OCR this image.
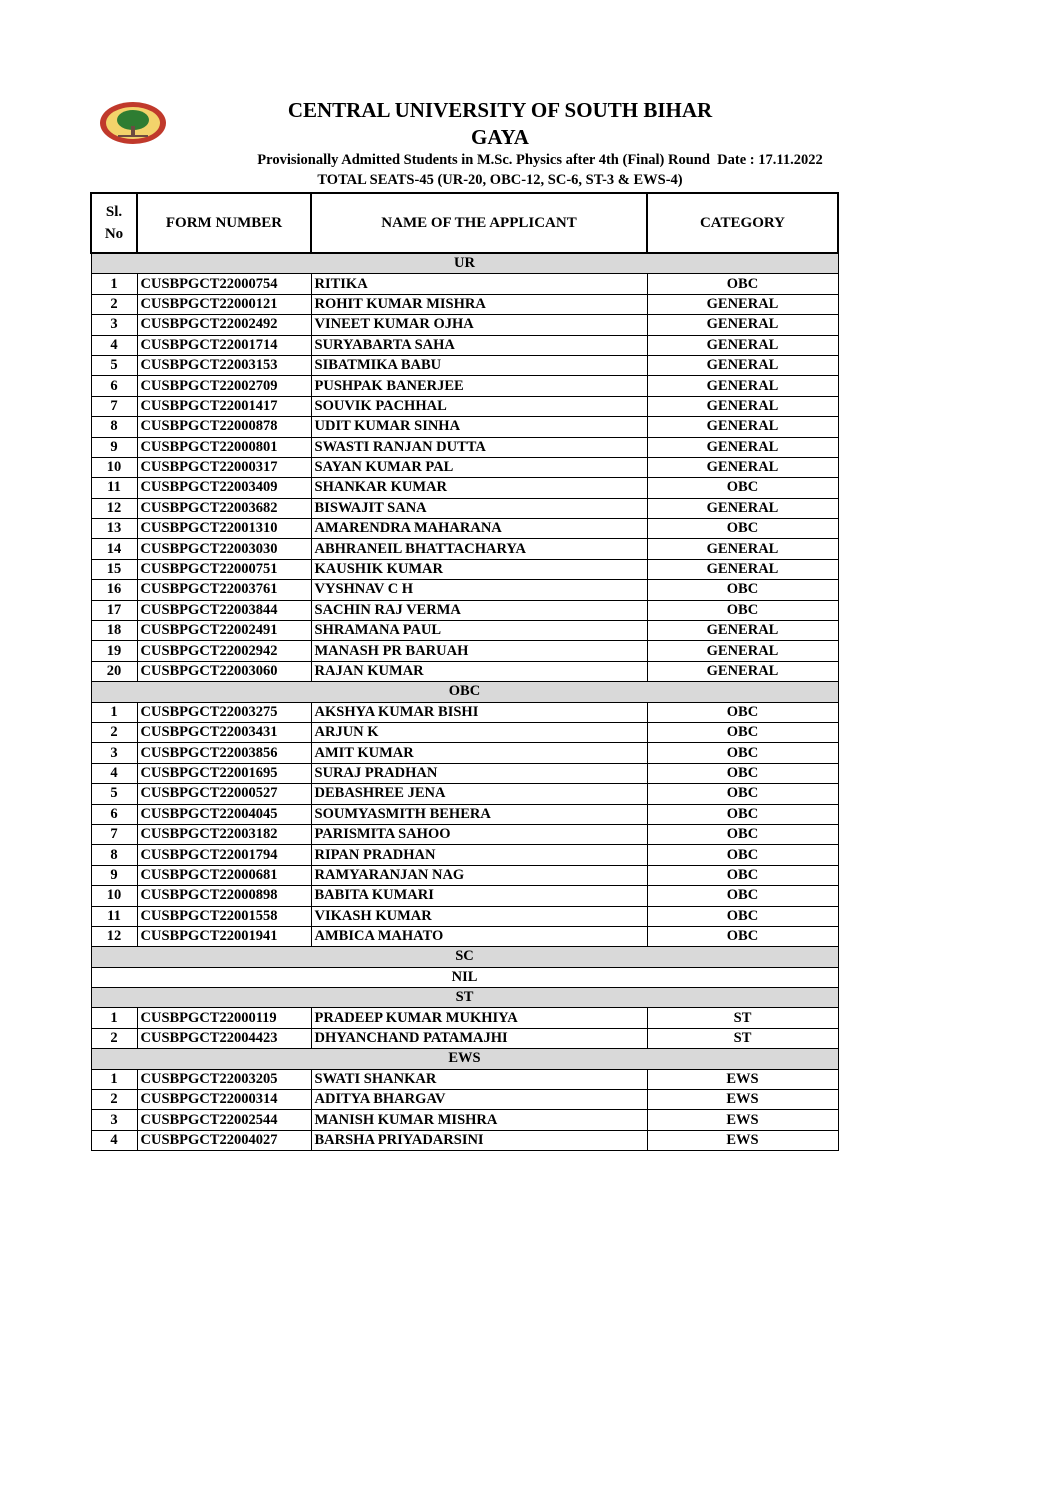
CENTRAL UNIVERSITY OF SOUTH BIHAR
GAYA
Provisionally Admitted Students in M.Sc. Physics after 4th (Final) Round  Date : 17.11.2022
TOTAL SEATS-45 (UR-20, OBC-12, SC-6, ST-3 & EWS-4)
Sl. No	FORM NUMBER	NAME OF THE APPLICANT	CATEGORY
UR			
1	CUSBPGCT22000754	RITIKA	OBC
2	CUSBPGCT22000121	ROHIT KUMAR MISHRA	GENERAL
3	CUSBPGCT22002492	VINEET KUMAR OJHA	GENERAL
4	CUSBPGCT22001714	SURYABARTA SAHA	GENERAL
5	CUSBPGCT22003153	SIBATMIKA BABU	GENERAL
6	CUSBPGCT22002709	PUSHPAK BANERJEE	GENERAL
7	CUSBPGCT22001417	SOUVIK PACHHAL	GENERAL
8	CUSBPGCT22000878	UDIT KUMAR SINHA	GENERAL
9	CUSBPGCT22000801	SWASTI RANJAN DUTTA	GENERAL
10	CUSBPGCT22000317	SAYAN KUMAR PAL	GENERAL
11	CUSBPGCT22003409	SHANKAR KUMAR	OBC
12	CUSBPGCT22003682	BISWAJIT SANA	GENERAL
13	CUSBPGCT22001310	AMARENDRA MAHARANA	OBC
14	CUSBPGCT22003030	ABHRANEIL BHATTACHARYA	GENERAL
15	CUSBPGCT22000751	KAUSHIK KUMAR	GENERAL
16	CUSBPGCT22003761	VYSHNAV C H	OBC
17	CUSBPGCT22003844	SACHIN RAJ VERMA	OBC
18	CUSBPGCT22002491	SHRAMANA PAUL	GENERAL
19	CUSBPGCT22002942	MANASH PR BARUAH	GENERAL
20	CUSBPGCT22003060	RAJAN KUMAR	GENERAL
OBC			
1	CUSBPGCT22003275	AKSHYA KUMAR BISHI	OBC
2	CUSBPGCT22003431	ARJUN K	OBC
3	CUSBPGCT22003856	AMIT KUMAR	OBC
4	CUSBPGCT22001695	SURAJ PRADHAN	OBC
5	CUSBPGCT22000527	DEBASHREE JENA	OBC
6	CUSBPGCT22004045	SOUMYASMITH BEHERA	OBC
7	CUSBPGCT22003182	PARISMITA SAHOO	OBC
8	CUSBPGCT22001794	RIPAN PRADHAN	OBC
9	CUSBPGCT22000681	RAMYARANJAN NAG	OBC
10	CUSBPGCT22000898	BABITA KUMARI	OBC
11	CUSBPGCT22001558	VIKASH KUMAR	OBC
12	CUSBPGCT22001941	AMBICA MAHATO	OBC
SC			
NIL			
ST			
1	CUSBPGCT22000119	PRADEEP KUMAR MUKHIYA	ST
2	CUSBPGCT22004423	DHYANCHAND PATAMAJHI	ST
EWS			
1	CUSBPGCT22003205	SWATI SHANKAR	EWS
2	CUSBPGCT22000314	ADITYA BHARGAV	EWS
3	CUSBPGCT22002544	MANISH KUMAR MISHRA	EWS
4	CUSBPGCT22004027	BARSHA PRIYADARSINI	EWS
